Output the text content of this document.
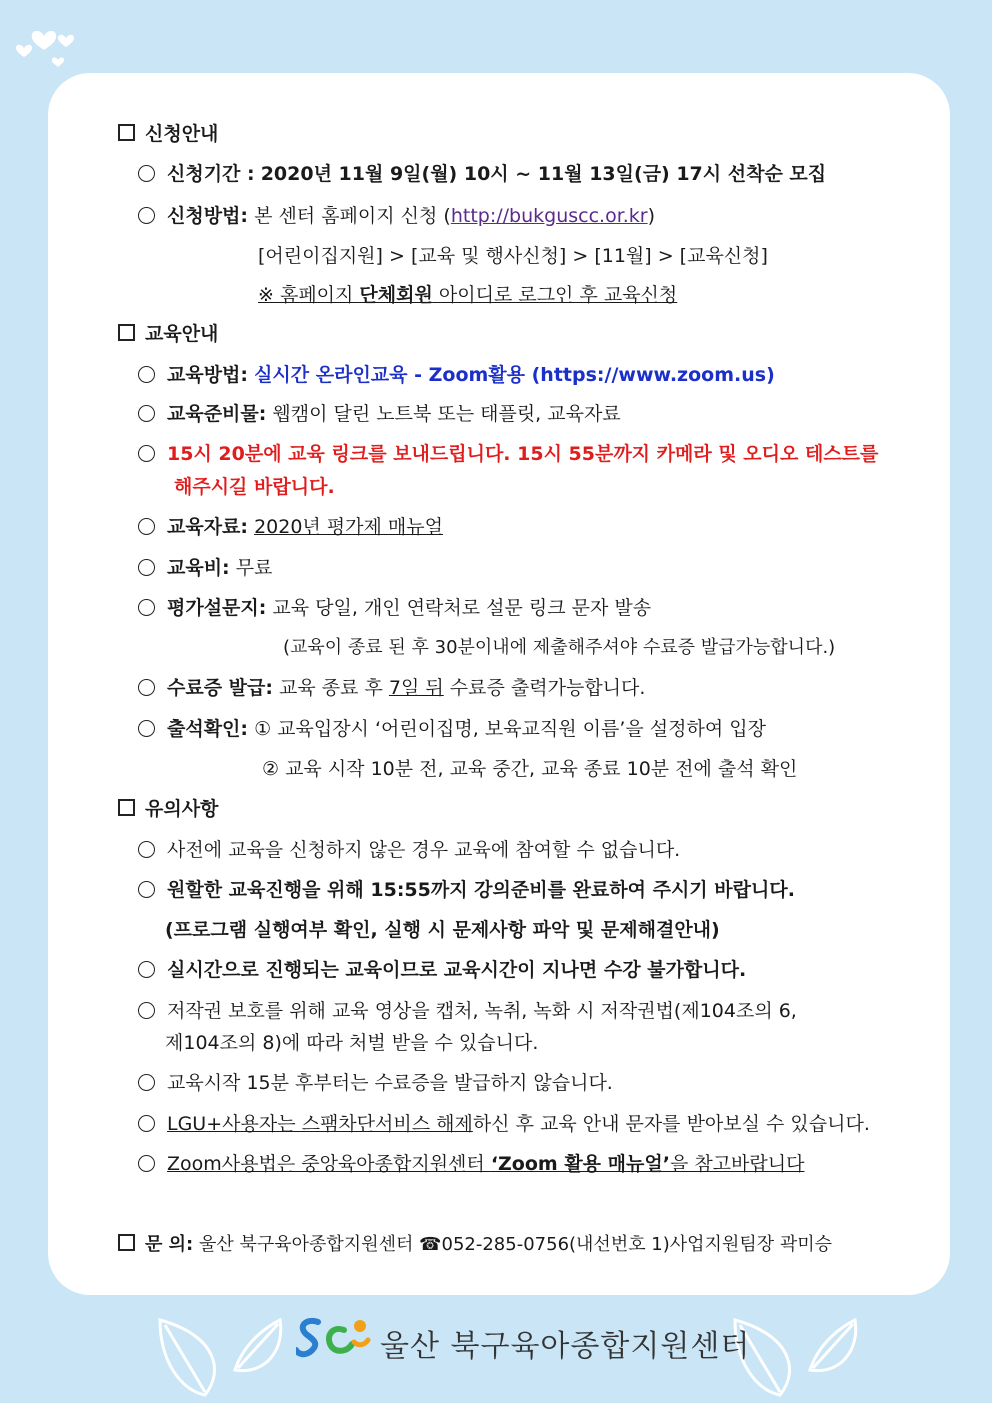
신청안내
신청기간 : 2020년 11월 9일(월) 10시 ~ 11월 13일(금) 17시 선착순 모집
신청방법: 본 센터 홈페이지 신청 (http://bukguscc.or.kr)
[어린이집지원] > [교육 및 행사신청] > [11월] > [교육신청]
※ 홈페이지 단체회원 아이디로 로그인 후 교육신청
교육안내
교육방법: 실시간 온라인교육 - Zoom활용 (https://www.zoom.us)
교육준비물: 웹캠이 달린 노트북 또는 태플릿, 교육자료
15시 20분에 교육 링크를 보내드립니다. 15시 55분까지 카메라 및 오디오 테스트를
해주시길 바랍니다.
교육자료: 2020년 평가제 매뉴얼
교육비: 무료
평가설문지: 교육 당일, 개인 연락처로 설문 링크 문자 발송
(교육이 종료 된 후 30분이내에 제출해주셔야 수료증 발급가능합니다.)
수료증 발급: 교육 종료 후 7일 뒤 수료증 출력가능합니다.
출석확인: ① 교육입장시 ‘어린이집명, 보육교직원 이름’을 설정하여 입장
② 교육 시작 10분 전, 교육 중간, 교육 종료 10분 전에 출석 확인
유의사항
사전에 교육을 신청하지 않은 경우 교육에 참여할 수 없습니다.
원할한 교육진행을 위해 15:55까지 강의준비를 완료하여 주시기 바랍니다.
(프로그램 실행여부 확인, 실행 시 문제사항 파악 및 문제해결안내)
실시간으로 진행되는 교육이므로 교육시간이 지나면 수강 불가합니다.
저작권 보호를 위해 교육 영상을 캡처, 녹취, 녹화 시 저작권법(제104조의 6,
제104조의 8)에 따라 처벌 받을 수 있습니다.
교육시작 15분 후부터는 수료증을 발급하지 않습니다.
LGU+사용자는 스팸차단서비스 해제하신 후 교육 안내 문자를 받아보실 수 있습니다.
Zoom사용법은 중앙육아종합지원센터 ‘Zoom 활용 매뉴얼’을 참고바랍니다
문 의: 울산 북구육아종합지원센터 ☎052-285-0756(내선번호 1)사업지원팀장 곽미승
울산 북구육아종합지원센터
